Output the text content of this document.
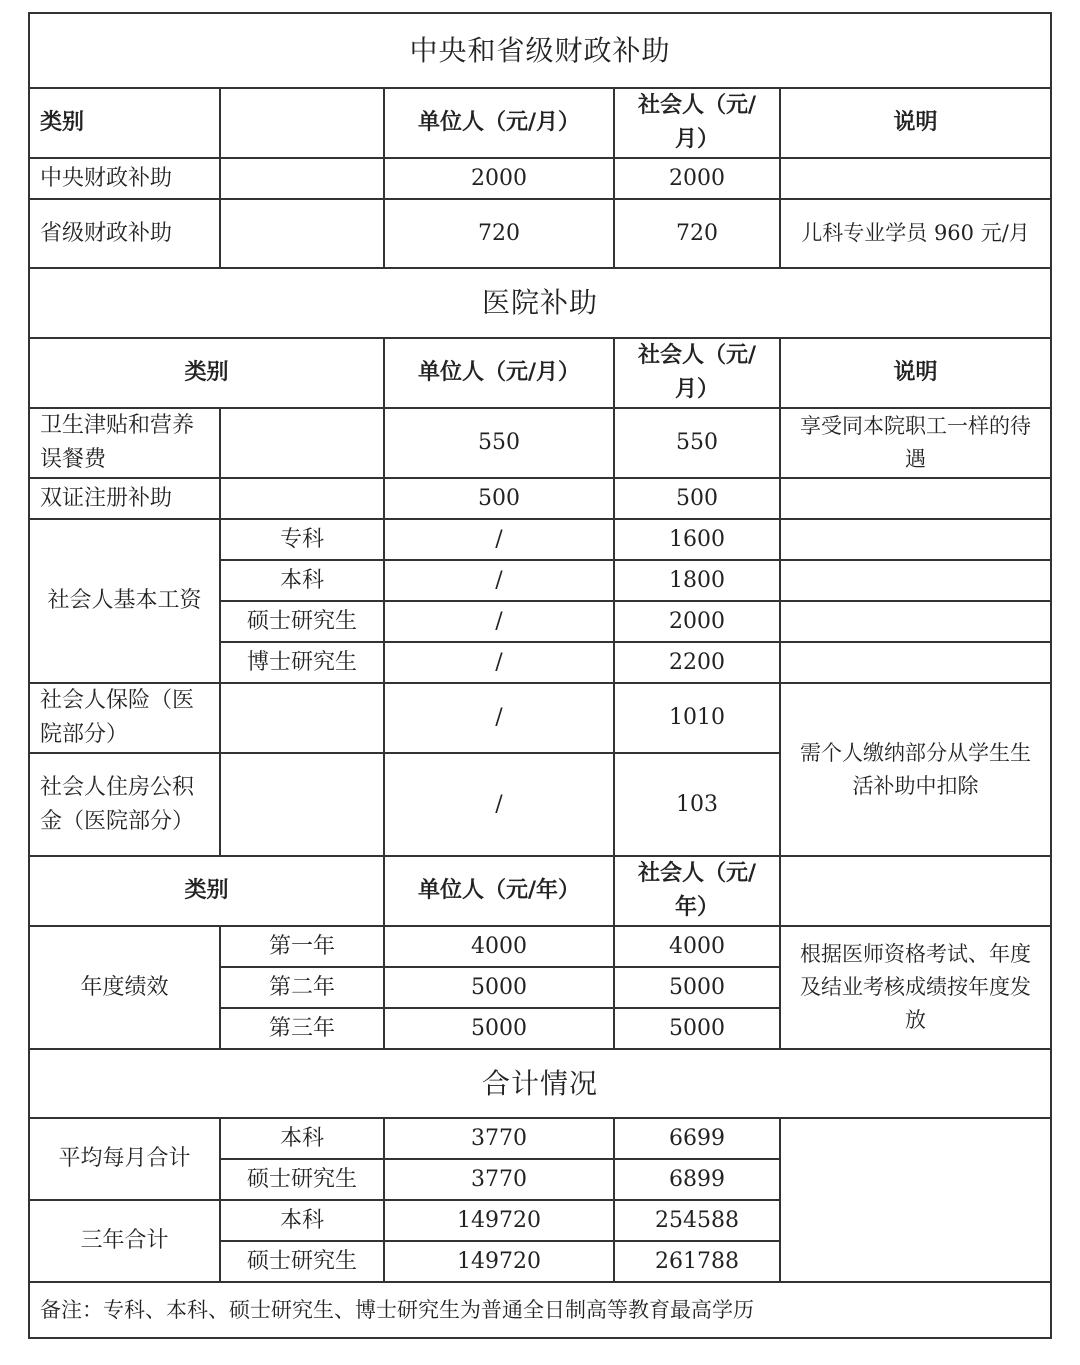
中央和省级财政补助				
类别		单位人（元/月）	社会人（元/月）	说明
中央财政补助		2000	2000	
省级财政补助		720	720	儿科专业学员 960 元/月
医院补助				
类别		单位人（元/月）	社会人（元/月）	说明
卫生津贴和营养误餐费		550	550	享受同本院职工一样的待遇
双证注册补助		500	500	
社会人基本工资	专科	/	1600	
	本科	/	1800	
	硕士研究生	/	2000	
	博士研究生	/	2200	
社会人保险（医院部分）		/	1010	需个人缴纳部分从学生生活补助中扣除
社会人住房公积金（医院部分）		/	103	
类别		单位人（元/年）	社会人（元/年）	
年度绩效	第一年	4000	4000	根据医师资格考试、年度及结业考核成绩按年度发放
	第二年	5000	5000	
	第三年	5000	5000	
合计情况				
平均每月合计	本科	3770	6699	
	硕士研究生	3770	6899	
三年合计	本科	149720	254588	
	硕士研究生	149720	261788	
备注：专科、本科、硕士研究生、博士研究生为普通全日制高等教育最高学历				
